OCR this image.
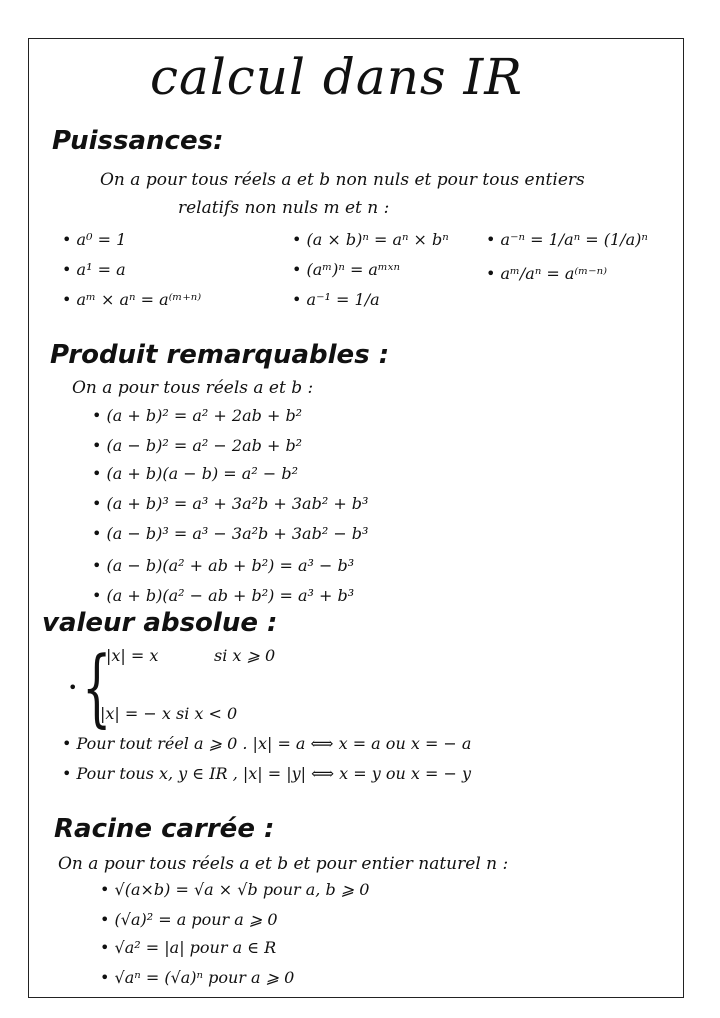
calcul dans IR
Puissances:
On a pour tous réels a et b non nuls et pour tous entiers
relatifs non nuls m et n :
• a⁰ = 1
• a¹ = a
• aᵐ × aⁿ = a⁽ᵐ⁺ⁿ⁾
• (a × b)ⁿ = aⁿ × bⁿ
• (aᵐ)ⁿ = aᵐˣⁿ
• a⁻¹ = 1/a
• a⁻ⁿ = 1/aⁿ = (1/a)ⁿ
• aᵐ/aⁿ = a⁽ᵐ⁻ⁿ⁾
Produit remarquables :
On a pour tous réels a et b :
• (a + b)² = a² + 2ab + b²
• (a − b)² = a² − 2ab + b²
• (a + b)(a − b) = a² − b²
• (a + b)³ = a³ + 3a²b + 3ab² + b³
• (a − b)³ = a³ − 3a²b + 3ab² − b³
• (a − b)(a² + ab + b²) = a³ − b³
• (a + b)(a² − ab + b²) = a³ + b³
valeur absolue :
• {
|x| = x	si x ⩾ 0
|x| = − x si x < 0
• Pour tout réel a ⩾ 0 . |x| = a ⟺ x = a ou x = − a
• Pour tous x, y ∈ IR , |x| = |y| ⟺ x = y ou x = − y
Racine carrée :
On a pour tous réels a et b et pour entier naturel n :
• √(a×b) = √a × √b pour a, b ⩾ 0
• (√a)² = a pour a ⩾ 0
• √a² = |a| pour a ∈ R
• √aⁿ = (√a)ⁿ pour a ⩾ 0
